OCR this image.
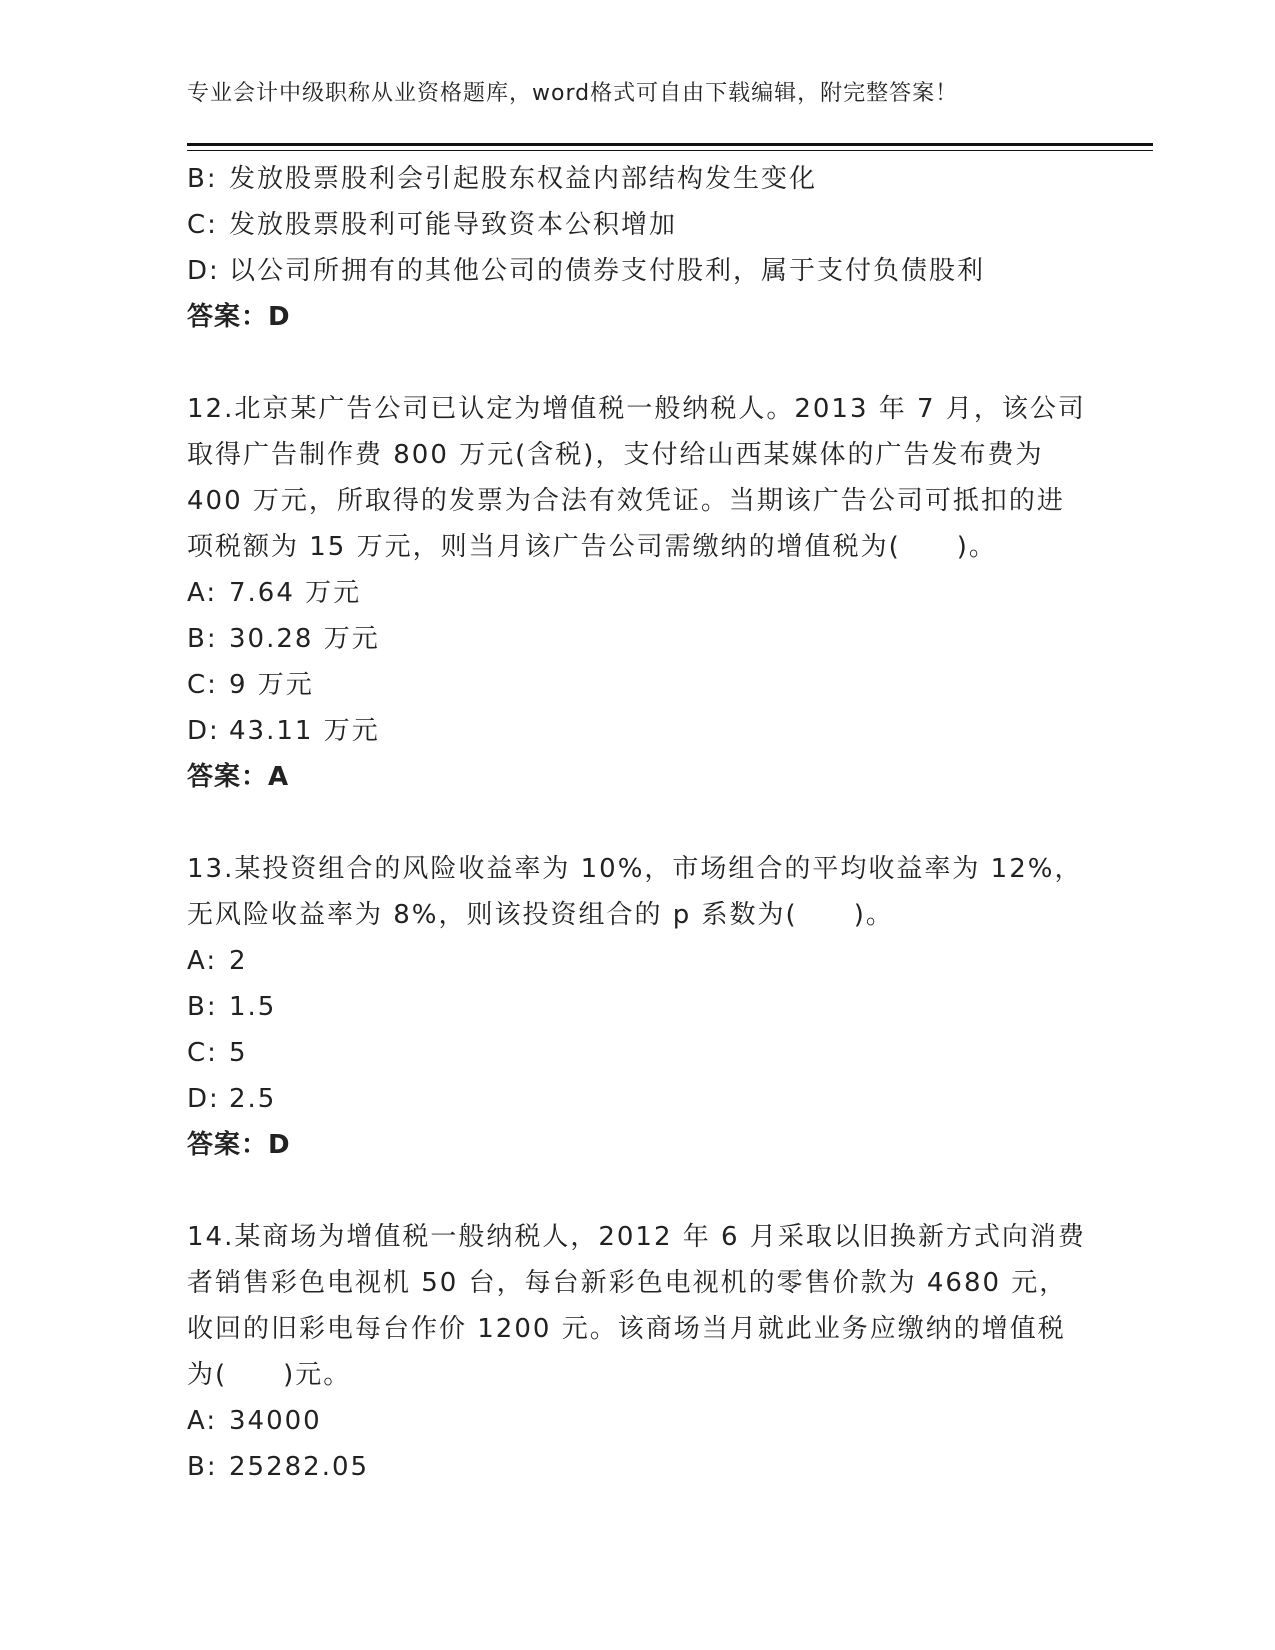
专业会计中级职称从业资格题库，word格式可自由下载编辑，附完整答案！
B: 发放股票股利会引起股东权益内部结构发生变化
C: 发放股票股利可能导致资本公积增加
D: 以公司所拥有的其他公司的债券支付股利，属于支付负债股利
答案：D
12.北京某广告公司已认定为增值税一般纳税人。2013 年 7 月，该公司
取得广告制作费 800 万元(含税)，支付给山西某媒体的广告发布费为
400 万元，所取得的发票为合法有效凭证。当期该广告公司可抵扣的进
项税额为 15 万元，则当月该广告公司需缴纳的增值税为(　　)。
A: 7.64 万元
B: 30.28 万元
C: 9 万元
D: 43.11 万元
答案：A
13.某投资组合的风险收益率为 10%，市场组合的平均收益率为 12%，
无风险收益率为 8%，则该投资组合的 p 系数为(　　)。
A: 2
B: 1.5
C: 5
D: 2.5
答案：D
14.某商场为增值税一般纳税人，2012 年 6 月采取以旧换新方式向消费
者销售彩色电视机 50 台，每台新彩色电视机的零售价款为 4680 元，
收回的旧彩电每台作价 1200 元。该商场当月就此业务应缴纳的增值税
为(　　)元。
A: 34000
B: 25282.05
